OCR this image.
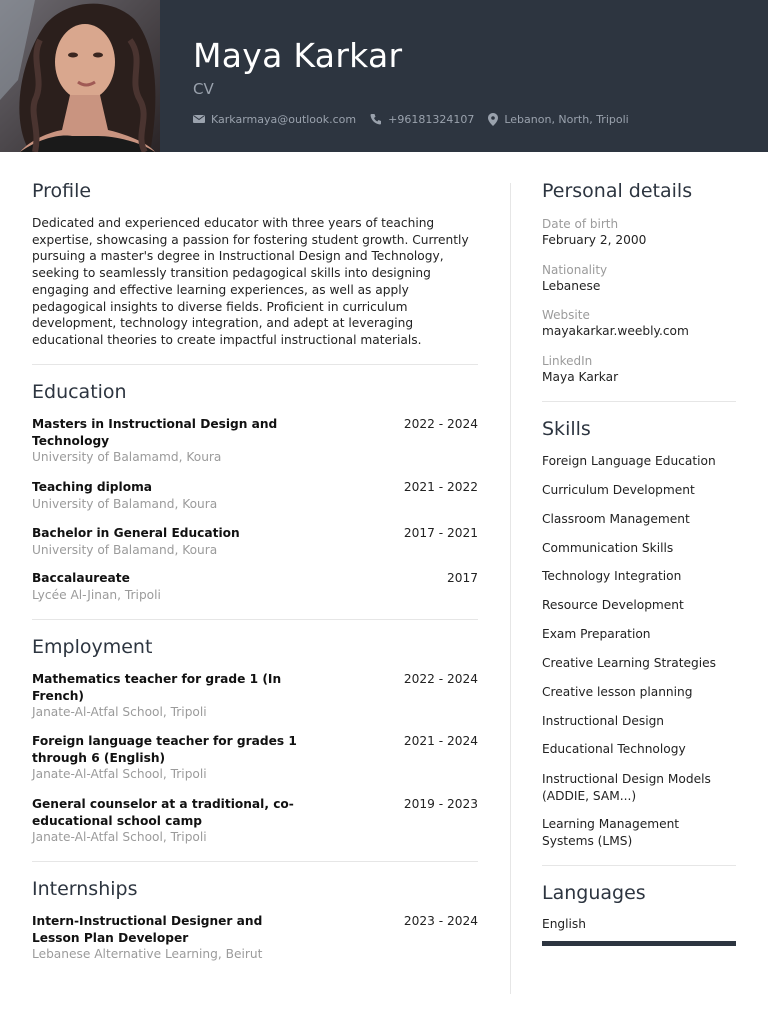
Maya Karkar
CV
Karkarmaya@outlook.com	+96181324107	Lebanon, North, Tripoli
Profile
Dedicated and experienced educator with three years of teaching expertise, showcasing a passion for fostering student growth. Currently pursuing a master's degree in Instructional Design and Technology, seeking to seamlessly transition pedagogical skills into designing engaging and effective learning experiences, as well as apply pedagogical insights to diverse fields. Proficient in curriculum development, technology integration, and adept at leveraging educational theories to create impactful instructional materials.
Education
Masters in Instructional Design and Technology
University of Balamamd, Koura
2022 - 2024
Teaching diploma
University of Balamand, Koura
2021 - 2022
Bachelor in General Education
University of Balamand, Koura
2017 - 2021
Baccalaureate
Lycée Al-Jinan, Tripoli
2017
Employment
Mathematics teacher for grade 1 (In French)
Janate-Al-Atfal School, Tripoli
2022 - 2024
Foreign language teacher for grades 1 through 6 (English)
Janate-Al-Atfal School, Tripoli
2021 - 2024
General counselor at a traditional, co-educational school camp
Janate-Al-Atfal School, Tripoli
2019 - 2023
Internships
Intern-Instructional Designer and Lesson Plan Developer
Lebanese Alternative Learning, Beirut
2023 - 2024
Personal details
Date of birth
February 2, 2000
Nationality
Lebanese
Website
mayakarkar.weebly.com
LinkedIn
Maya Karkar
Skills
Foreign Language Education
Curriculum Development
Classroom Management
Communication Skills
Technology Integration
Resource Development
Exam Preparation
Creative Learning Strategies
Creative lesson planning
Instructional Design
Educational Technology
Instructional Design Models (ADDIE, SAM...)
Learning Management Systems (LMS)
Languages
English
